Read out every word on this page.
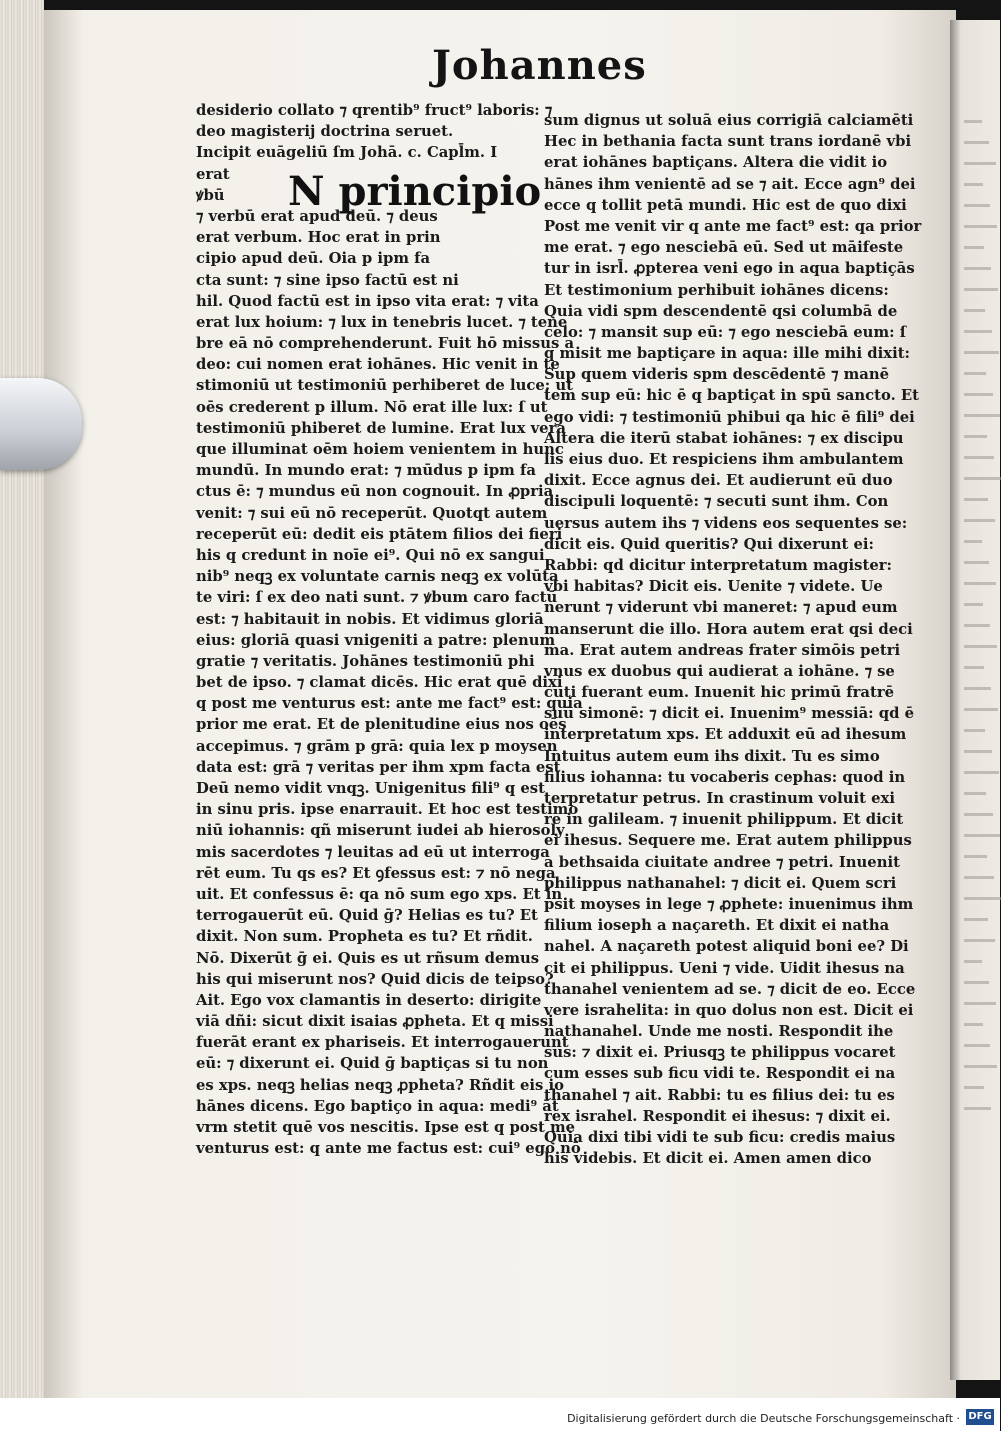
Johannes
desiderio collato ⁊ qrentib⁹ fruct⁹ laboris: ⁊
deo magisterij doctrina seruet.
Incipit euāgeliū ſm Johā. c. Capl̄m. I
erat
ꝟbū
⁊ verbū erat apud deū. ⁊ deus
erat verbum. Hoc erat in prin
cipio apud deū. Oia p ipm fa
cta sunt: ⁊ sine ipso factū est ni
hil. Quod factū est in ipso vita erat: ⁊ vita
erat lux hoium: ⁊ lux in tenebris lucet. ⁊ tene
bre eā nō comprehenderunt. Fuit hō missus a
deo: cui nomen erat iohānes. Hic venit in te
stimoniū ut testimoniū perhiberet de luce: ut
oēs crederent p illum. Nō erat ille lux: ſ ut
testimoniū phiberet de lumine. Erat lux vera
que illuminat oēm hoiem venientem in hunc
mundū. In mundo erat: ⁊ mūdus p ipm fa
ctus ē: ⁊ mundus eū non cognouit. In ꝓpria
venit: ⁊ sui eū nō receperūt. Quotqt autem
receperūt eū: dedit eis ptātem filios dei fieri
his q credunt in noīe ei⁹. Qui nō ex sangui
nib⁹ neqꝫ ex voluntate carnis neqꝫ ex volūta
te viri: ſ ex deo nati sunt. ⁊ ꝟbum caro factū
est: ⁊ habitauit in nobis. Et vidimus gloriā
eius: gloriā quasi vnigeniti a patre: plenum
gratie ⁊ veritatis. Johānes testimoniū phi
bet de ipso. ⁊ clamat dicēs. Hic erat quē dixi
q post me venturus est: ante me fact⁹ est: quia
prior me erat. Et de plenitudine eius nos oēs
accepimus. ⁊ grām p grā: quia lex p moysen
data est: grā ⁊ veritas per ihm xpm facta est
Deū nemo vidit vnqꝫ. Unigenitus fili⁹ q est
in sinu pris. ipse enarrauit. Et hoc est testimo
niū iohannis: qñ miserunt iudei ab hierosoly
mis sacerdotes ⁊ leuitas ad eū ut interroga
rēt eum. Tu qs es? Et ꝯfessus est: ⁊ nō nega
uit. Et confessus ē: qa nō sum ego xps. Et in
terrogauerūt eū. Quid ḡ? Helias es tu? Et
dixit. Non sum. Propheta es tu? Et rñdit.
Nō. Dixerūt ḡ ei. Quis es ut rñsum demus
his qui miserunt nos? Quid dicis de teipso?
Ait. Ego vox clamantis in deserto: dirigite
viā dñi: sicut dixit isaias ꝓpheta. Et q missi
fuerāt erant ex phariseis. Et interrogauerunt
eū: ⁊ dixerunt ei. Quid ḡ baptiças si tu non
es xps. neqꝫ helias neqꝫ ꝓpheta? Rñdit eis io
hānes dicens. Ego baptiço in aqua: medi⁹ āt
vrm stetit quē vos nescitis. Ipse est q post me
venturus est: q ante me factus est: cui⁹ ego nō
N principio
sum dignus ut soluā eius corrigiā calciamēti
Hec in bethania facta sunt trans iordanē vbi
erat iohānes baptiçans. Altera die vidit io
hānes ihm venientē ad se ⁊ ait. Ecce agn⁹ dei
ecce q tollit petā mundi. Hic est de quo dixi
Post me venit vir q ante me fact⁹ est: qa prior
me erat. ⁊ ego nesciebā eū. Sed ut māifeste
tur in isrl̄. ꝓpterea veni ego in aqua baptiçās
Et testimonium perhibuit iohānes dicens:
Quia vidi spm descendentē qsi columbā de
celo: ⁊ mansit sup eū: ⁊ ego nesciebā eum: ſ
q misit me baptiçare in aqua: ille mihi dixit:
Sup quem videris spm descēdentē ⁊ manē
tem sup eū: hic ē q baptiçat in spū sancto. Et
ego vidi: ⁊ testimoniū phibui qa hic ē fili⁹ dei
Altera die iterū stabat iohānes: ⁊ ex discipu
lis eius duo. Et respiciens ihm ambulantem
dixit. Ecce agnus dei. Et audierunt eū duo
discipuli loquentē: ⁊ secuti sunt ihm. Con
uersus autem ihs ⁊ videns eos sequentes se:
dicit eis. Quid queritis? Qui dixerunt ei:
Rabbi: qd dicitur interpretatum magister:
vbi habitas? Dicit eis. Uenite ⁊ videte. Ue
nerunt ⁊ viderunt vbi maneret: ⁊ apud eum
manserunt die illo. Hora autem erat qsi deci
ma. Erat autem andreas frater simōis petri
vnus ex duobus qui audierat a iohāne. ⁊ se
cuti fuerant eum. Inuenit hic primū fratrē
suū simonē: ⁊ dicit ei. Inuenim⁹ messiā: qd ē
interpretatum xps. Et adduxit eū ad ihesum
Intuitus autem eum ihs dixit. Tu es simo
filius iohanna: tu vocaberis cephas: quod in
terpretatur petrus. In crastinum voluit exi
re in galileam. ⁊ inuenit philippum. Et dicit
ei ihesus. Sequere me. Erat autem philippus
a bethsaida ciuitate andree ⁊ petri. Inuenit
philippus nathanahel: ⁊ dicit ei. Quem scri
psit moyses in lege ⁊ ꝓphete: inuenimus ihm
filium ioseph a naçareth. Et dixit ei natha
nahel. A naçareth potest aliquid boni ee? Di
cit ei philippus. Ueni ⁊ vide. Uidit ihesus na
thanahel venientem ad se. ⁊ dicit de eo. Ecce
vere israhelita: in quo dolus non est. Dicit ei
nathanahel. Unde me nosti. Respondit ihe
sus: ⁊ dixit ei. Priusqꝫ te philippus vocaret
cum esses sub ficu vidi te. Respondit ei na
thanahel ⁊ ait. Rabbi: tu es filius dei: tu es
rex israhel. Respondit ei ihesus: ⁊ dixit ei.
Quia dixi tibi vidi te sub ficu: credis maius
his videbis. Et dicit ei. Amen amen dico
Digitalisierung gefördert durch die Deutsche Forschungsgemeinschaft · DFG
